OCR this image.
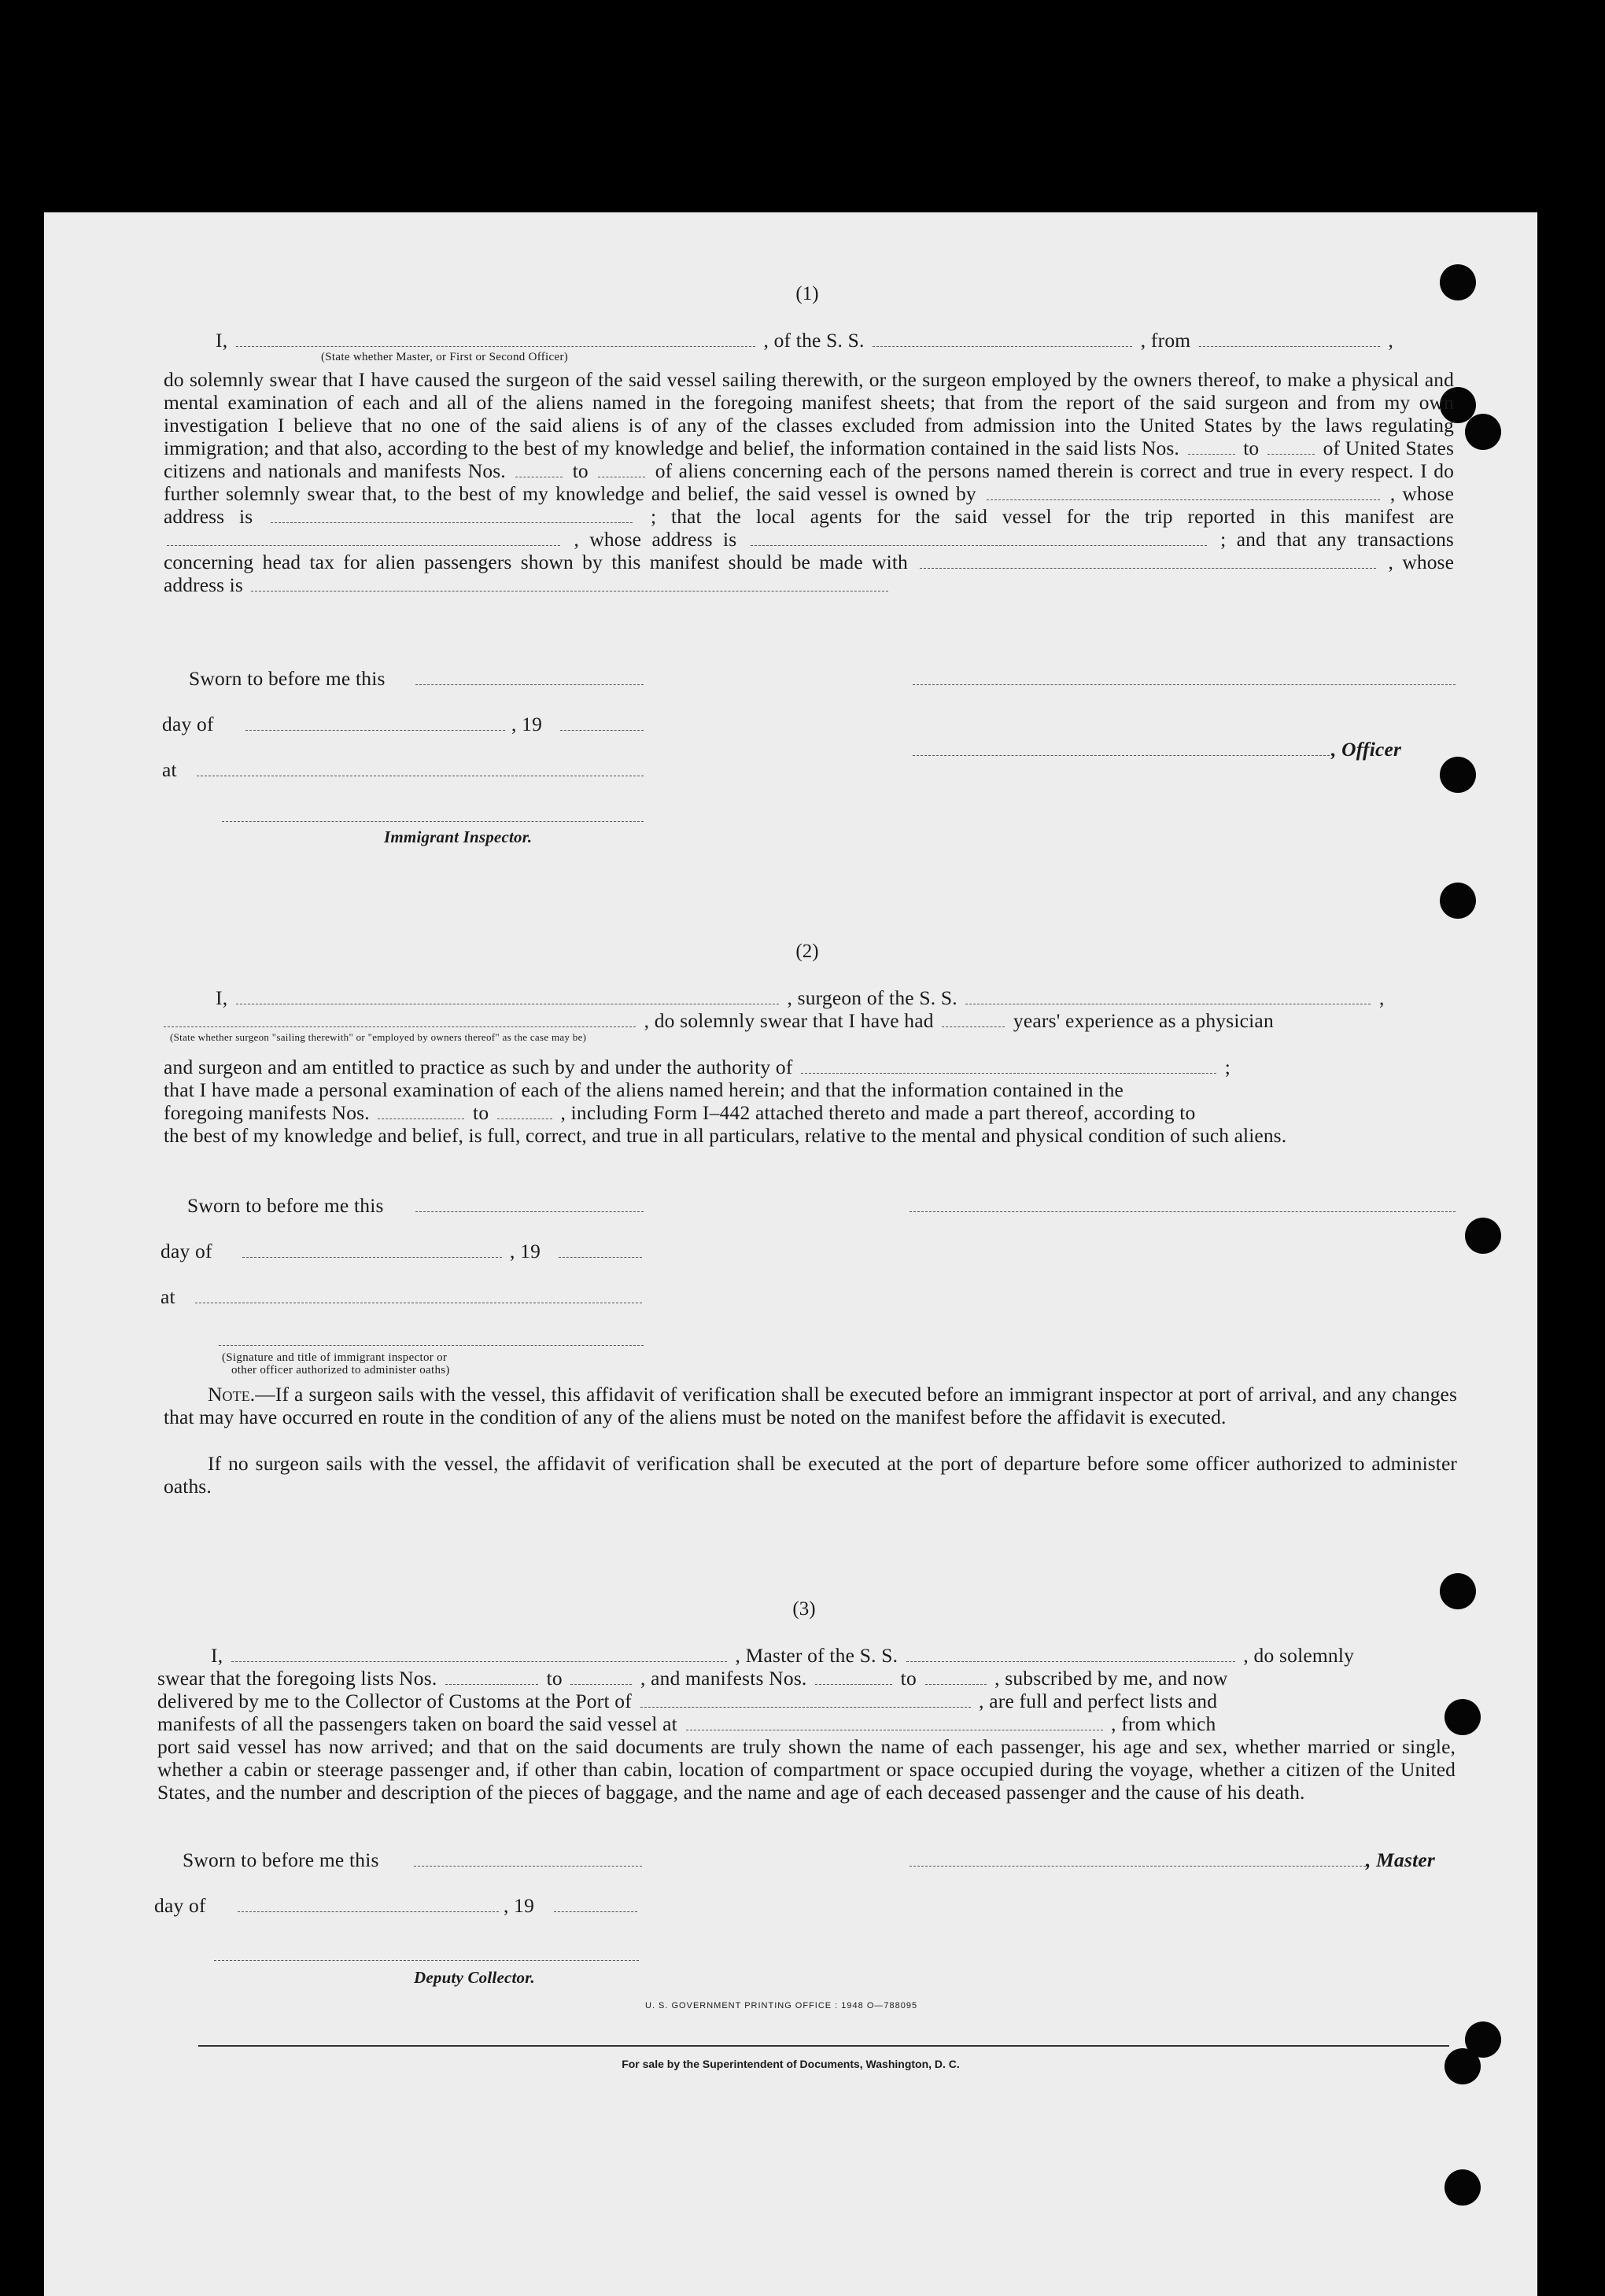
(1)
I,	, of the S. S.	, from	,
(State whether Master, or First or Second Officer)

do solemnly swear that I have caused the surgeon of the said vessel sailing therewith, or the surgeon employed by the owners thereof, to make a physical and mental examination of each and all of the aliens named in the foregoing manifest sheets; that from the report of the said surgeon and from my own investigation I believe that no one of the said aliens is of any of the classes excluded from admission into the United States by the laws regulating immigration; and that also, according to the best of my knowledge and belief, the information contained in the said lists Nos.	to	of United States citizens and nationals and manifests Nos.	to	of aliens concerning each of the persons named therein is correct and true in every respect. I do further solemnly swear that, to the best of my knowledge and belief, the said vessel is owned by	, whose address is	; that the local agents for the said vessel for the trip reported in this manifest are  , whose address is	; and that any transactions concerning head tax for alien passengers shown by this manifest should be made with	, whose address is

Sworn to before me this
day of	, 19
at
, Officer
Immigrant Inspector.
(2)
I,	, surgeon of the S. S.	,
, do solemnly swear that I have had	years' experience as a physician
(State whether surgeon "sailing therewith" or "employed by owners thereof" as the case may be)
and surgeon and am entitled to practice as such by and under the authority of	;
that I have made a personal examination of each of the aliens named herein; and that the information contained in the
foregoing manifests Nos.	to	, including Form I–442 attached thereto and made a part thereof, according to
the best of my knowledge and belief, is full, correct, and true in all particulars, relative to the mental and physical condition of such aliens.
Sworn to before me this
day of	, 19
at
(Signature and title of immigrant inspector or
other officer authorized to administer oaths)
Note.—If a surgeon sails with the vessel, this affidavit of verification shall be executed before an immigrant inspector at port of arrival, and any changes that may have occurred en route in the condition of any of the aliens must be noted on the manifest before the affidavit is executed.
If no surgeon sails with the vessel, the affidavit of verification shall be executed at the port of departure before some officer authorized to administer oaths.
(3)
I,	, Master of the S. S.	, do solemnly
swear that the foregoing lists Nos.	to	, and manifests Nos.	to	, subscribed by me, and now
delivered by me to the Collector of Customs at the Port of	, are full and perfect lists and
manifests of all the passengers taken on board the said vessel at	, from which
port said vessel has now arrived; and that on the said documents are truly shown the name of each passenger, his age and sex, whether married or single, whether a cabin or steerage passenger and, if other than cabin, location of compartment or space occupied during the voyage, whether a citizen of the United States, and the number and description of the pieces of baggage, and the name and age of each deceased passenger and the cause of his death.
Sworn to before me this	, Master
day of	, 19
Deputy Collector.
U. S. GOVERNMENT PRINTING OFFICE : 1948 O—788095
For sale by the Superintendent of Documents, Washington, D. C.
